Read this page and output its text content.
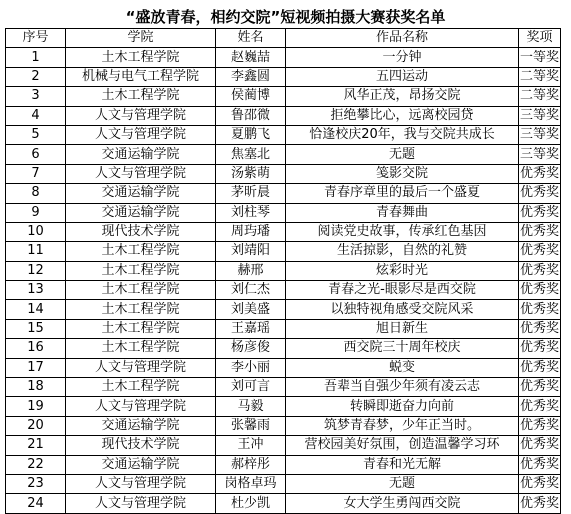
“盛放青春，相约交院”短视频拍摄大赛获奖名单
序号	学院	姓名	作品名称	奖项
1	土木工程学院	赵巍喆	一分钟	一等奖
2	机械与电气工程学院	李鑫圆	五四运动	二等奖
3	土木工程学院	侯蔺博	风华正茂，昂扬交院	二等奖
4	人文与管理学院	鲁邵微	拒绝攀比心，远离校园贷	三等奖
5	人文与管理学院	夏鹏飞	恰逢校庆20年，我与交院共成长	三等奖
6	交通运输学院	焦塞北	无题	三等奖
7	人文与管理学院	汤紫萌	笺影交院	优秀奖
8	交通运输学院	茅昕晨	青春序章里的最后一个盛夏	优秀奖
9	交通运输学院	刘柱琴	青春舞曲	优秀奖
10	现代技术学院	周玙璠	阅读党史故事，传承红色基因	优秀奖
11	土木工程学院	刘靖阳	生活掠影，自然的礼赞	优秀奖
12	土木工程学院	赫邢	炫彩时光	优秀奖
13	土木工程学院	刘仁杰	青春之光-眼影尽是西交院	优秀奖
14	土木工程学院	刘美盛	以独特视角感受交院风采	优秀奖
15	土木工程学院	王嘉瑶	旭日新生	优秀奖
16	土木工程学院	杨彦俊	西交院三十周年校庆	优秀奖
17	人文与管理学院	李小丽	蜕变	优秀奖
18	土木工程学院	刘可言	吾辈当自强少年须有凌云志	优秀奖
19	人文与管理学院	马毅	转瞬即逝奋力向前	优秀奖
20	交通运输学院	张馨雨	筑梦青春梦，少年正当时。	优秀奖
21	现代技术学院	王冲	营校园美好氛围，创造温馨学习环	优秀奖
22	交通运输学院	郝梓彤	青春和光无解	优秀奖
23	人文与管理学院	岗格卓玛	无题	优秀奖
24	人文与管理学院	杜少凯	女大学生勇闯西交院	优秀奖
